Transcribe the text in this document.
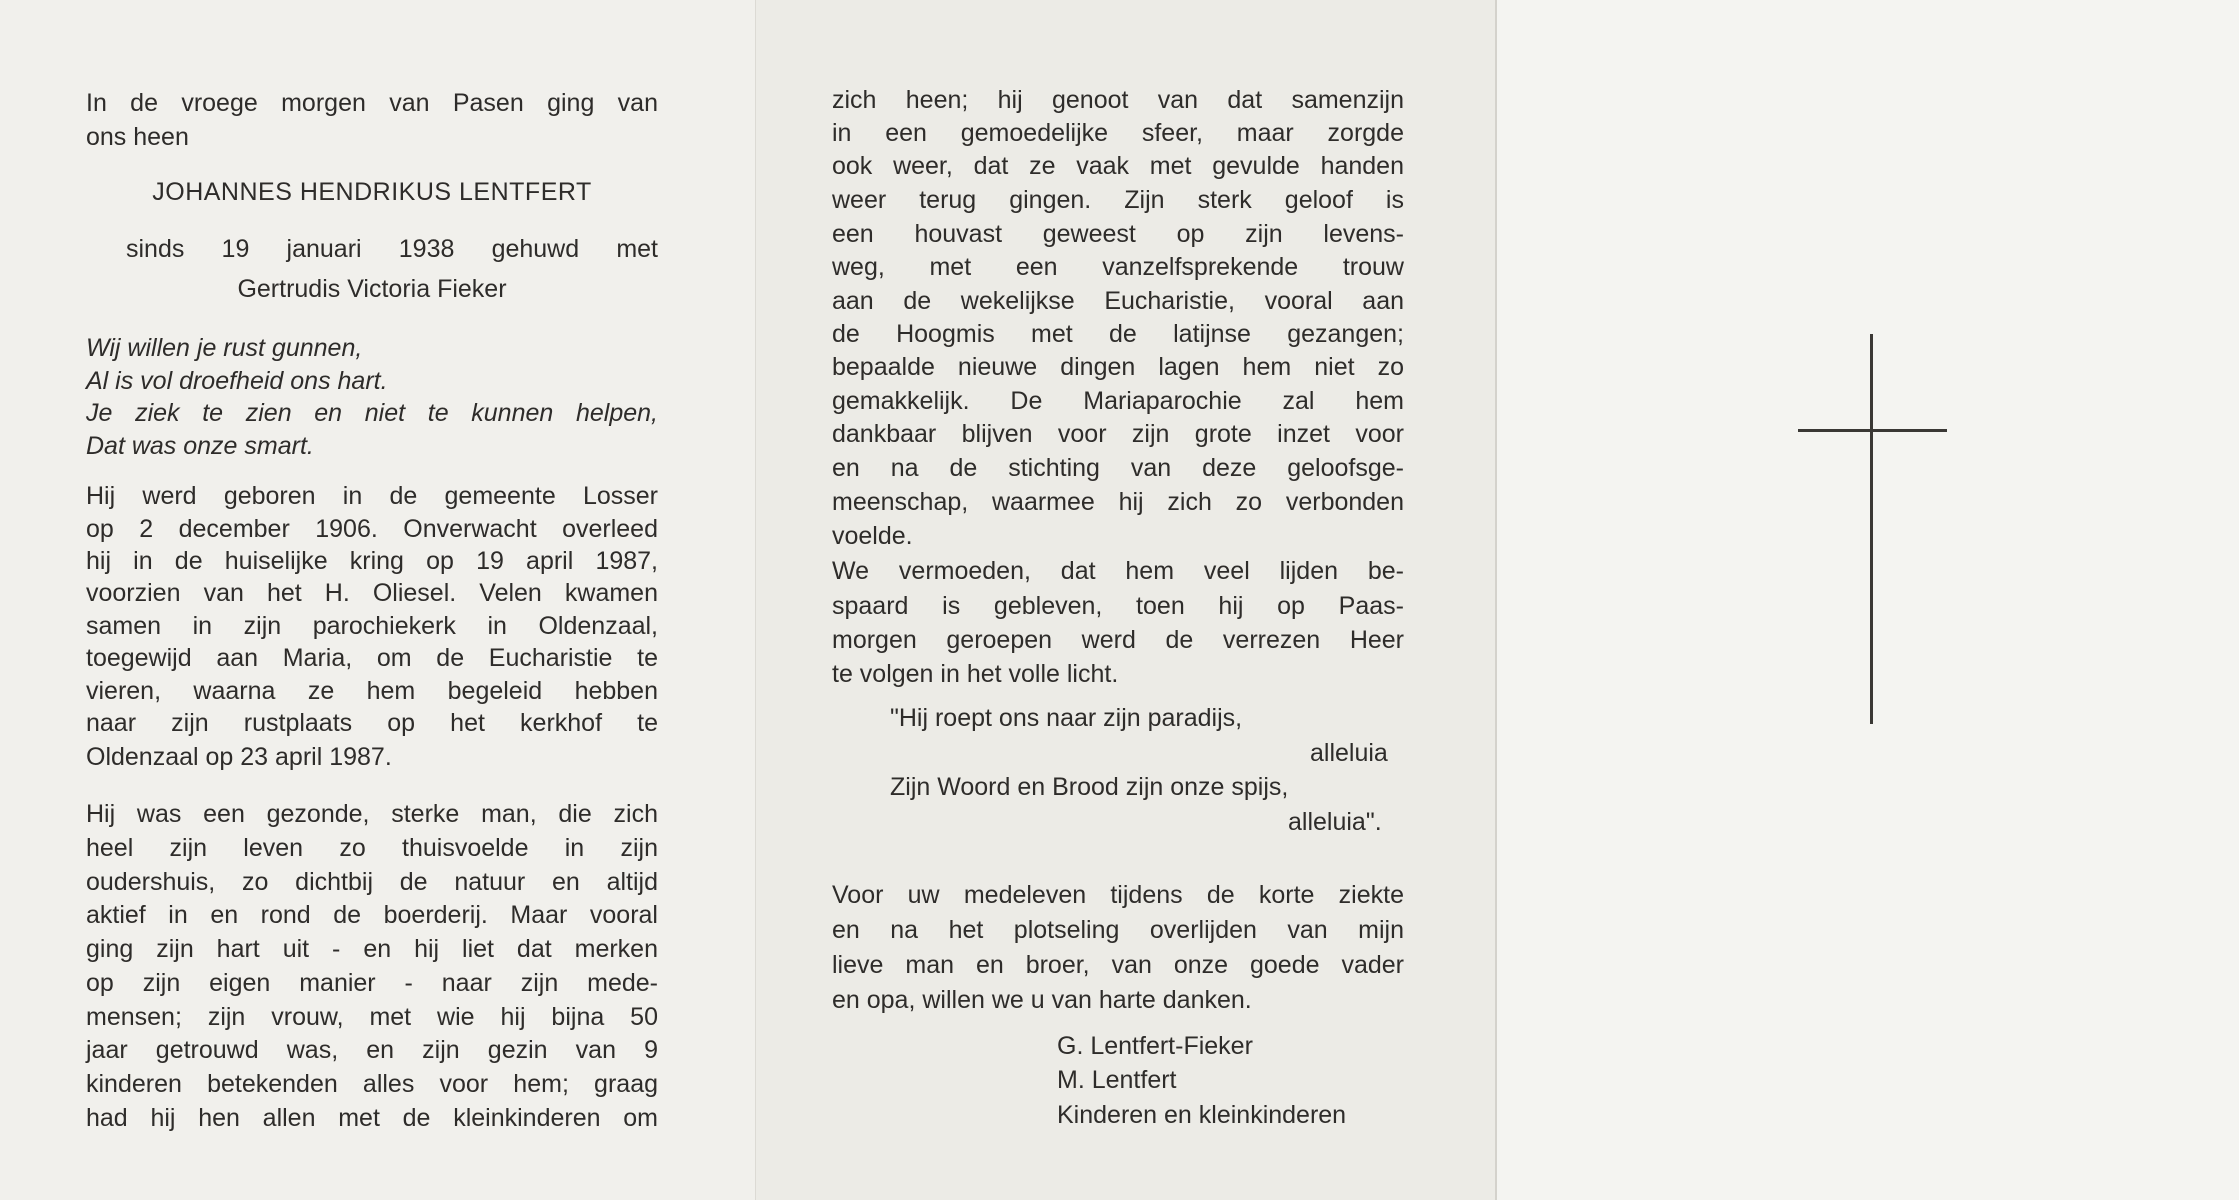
In de vroege morgen van Pasen ging van
ons heen
JOHANNES HENDRIKUS LENTFERT
sinds 19 januari 1938 gehuwd met
Gertrudis Victoria Fieker
Wij willen je rust gunnen,
Al is vol droefheid ons hart.
Je ziek te zien en niet te kunnen helpen,
Dat was onze smart.
Hij werd geboren in de gemeente Losser
op 2 december 1906. Onverwacht overleed
hij in de huiselijke kring op 19 april 1987,
voorzien van het H. Oliesel. Velen kwamen
samen in zijn parochiekerk in Oldenzaal,
toegewijd aan Maria, om de Eucharistie te
vieren, waarna ze hem begeleid hebben
naar zijn rustplaats op het kerkhof te
Oldenzaal op 23 april 1987.
Hij was een gezonde, sterke man, die zich
heel zijn leven zo thuisvoelde in zijn
oudershuis, zo dichtbij de natuur en altijd
aktief in en rond de boerderij. Maar vooral
ging zijn hart uit - en hij liet dat merken
op zijn eigen manier - naar zijn mede-
mensen; zijn vrouw, met wie hij bijna 50
jaar getrouwd was, en zijn gezin van 9
kinderen betekenden alles voor hem; graag
had hij hen allen met de kleinkinderen om
zich heen; hij genoot van dat samenzijn
in een gemoedelijke sfeer, maar zorgde
ook weer, dat ze vaak met gevulde handen
weer terug gingen. Zijn sterk geloof is
een houvast geweest op zijn levens-
weg, met een vanzelfsprekende trouw
aan de wekelijkse Eucharistie, vooral aan
de Hoogmis met de latijnse gezangen;
bepaalde nieuwe dingen lagen hem niet zo
gemakkelijk. De Mariaparochie zal hem
dankbaar blijven voor zijn grote inzet voor
en na de stichting van deze geloofsge-
meenschap, waarmee hij zich zo verbonden
voelde.
We vermoeden, dat hem veel lijden be-
spaard is gebleven, toen hij op Paas-
morgen geroepen werd de verrezen Heer
te volgen in het volle licht.
"Hij roept ons naar zijn paradijs,
alleluia
Zijn Woord en Brood zijn onze spijs,
alleluia".
Voor uw medeleven tijdens de korte ziekte
en na het plotseling overlijden van mijn
lieve man en broer, van onze goede vader
en opa, willen we u van harte danken.
G. Lentfert-Fieker
M. Lentfert
Kinderen en kleinkinderen
